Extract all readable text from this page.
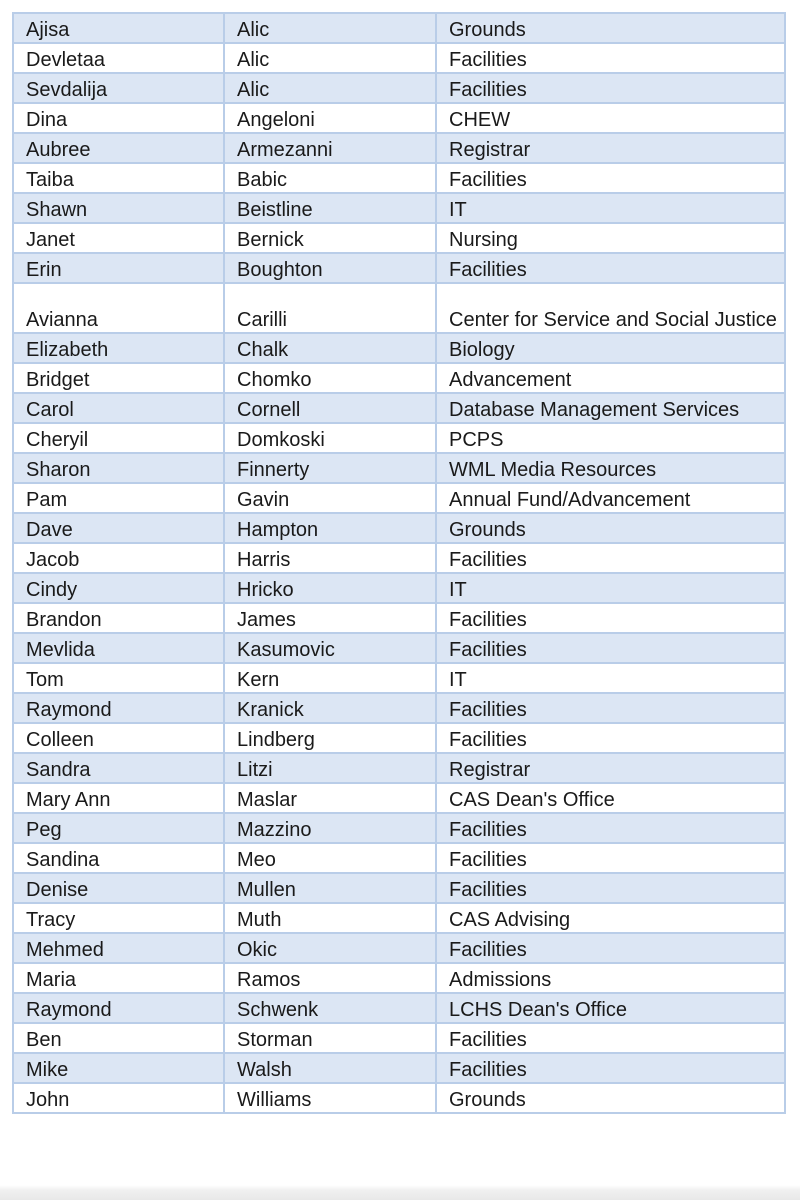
Ajisa	Alic	Grounds
Devletaa	Alic	Facilities
Sevdalija	Alic	Facilities
Dina	Angeloni	CHEW
Aubree	Armezanni	Registrar
Taiba	Babic	Facilities
Shawn	Beistline	IT
Janet	Bernick	Nursing
Erin	Boughton	Facilities
Avianna	Carilli	Center for Service and Social Justice
Elizabeth	Chalk	Biology
Bridget	Chomko	Advancement
Carol	Cornell	Database Management Services
Cheryil	Domkoski	PCPS
Sharon	Finnerty	WML Media Resources
Pam	Gavin	Annual Fund/Advancement
Dave	Hampton	Grounds
Jacob	Harris	Facilities
Cindy	Hricko	IT
Brandon	James	Facilities
Mevlida	Kasumovic	Facilities
Tom	Kern	IT
Raymond	Kranick	Facilities
Colleen	Lindberg	Facilities
Sandra	Litzi	Registrar
Mary Ann	Maslar	CAS Dean's Office
Peg	Mazzino	Facilities
Sandina	Meo	Facilities
Denise	Mullen	Facilities
Tracy	Muth	CAS Advising
Mehmed	Okic	Facilities
Maria	Ramos	Admissions
Raymond	Schwenk	LCHS Dean's Office
Ben	Storman	Facilities
Mike	Walsh	Facilities
John	Williams	Grounds
